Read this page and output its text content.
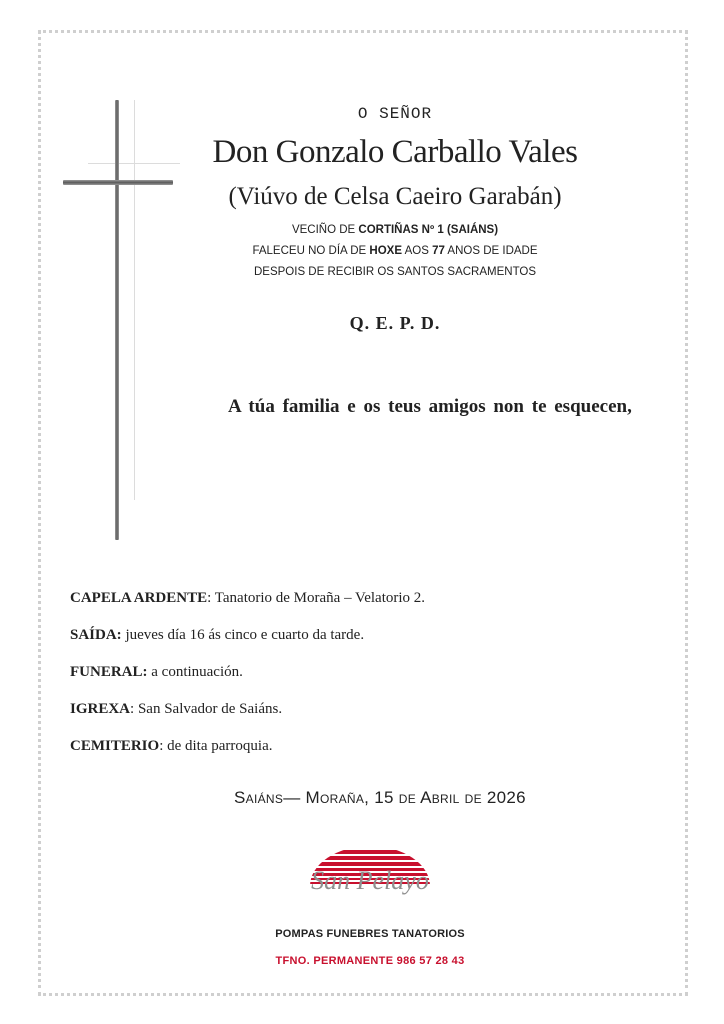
O SEÑOR
Don Gonzalo Carballo Vales
(Viúvo de Celsa Caeiro Garabán)
VECIÑO DE CORTIÑAS Nº 1 (SAIÁNS)
FALECEU NO DÍA DE HOXE AOS 77 ANOS DE IDADE
DESPOIS DE RECIBIR OS SANTOS SACRAMENTOS
Q. E. P. D.
A túa familia e os teus amigos non te esquecen,
CAPELA ARDENTE: Tanatorio de Moraña – Velatorio 2.
SAÍDA: jueves día 16 ás cinco e cuarto da tarde.
FUNERAL: a continuación.
IGREXA: San Salvador de Saiáns.
CEMITERIO: de dita parroquia.
Saiáns— Moraña, 15 de Abril de 2026
San Pelayo
POMPAS FUNEBRES TANATORIOS
TFNO. PERMANENTE 986 57 28 43
